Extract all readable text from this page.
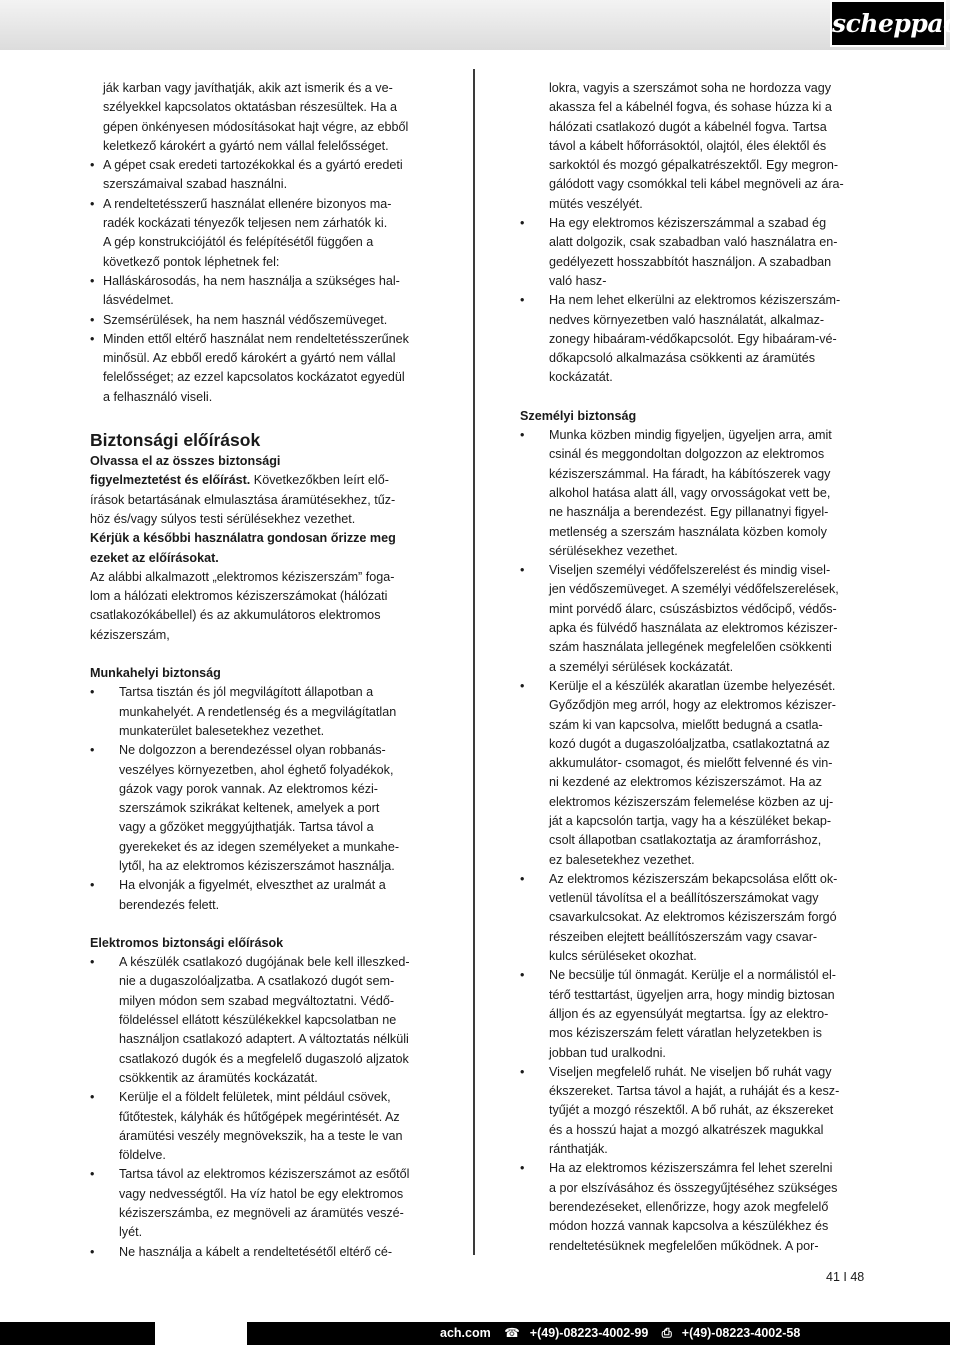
scheppach

ják karban vagy javíthatják, akik azt ismerik és a ve-
szélyekkel kapcsolatos oktatásban részesültek. Ha a
gépen önkényesen módosításokat hajt végre, az ebből
keletkező károkért a gyártó nem vállal felelősséget.

• A gépet csak eredeti tartozékokkal és a gyártó eredeti
szerszámaival szabad használni.
• A rendeltetésszerű használat ellenére bizonyos ma-
radék kockázati tényezők teljesen nem zárhatók ki.

A gép konstrukciójától és felépítésétől függően a
következő pontok léphetnek fel:

• Halláskárosodás, ha nem használja a szükséges hal-
lásvédelmet.
• Szemsérülések, ha nem használ védőszemüveget.
• Minden ettől eltérő használat nem rendeltetésszerűnek
minősül. Az ebből eredő károkért a gyártó nem vállal
felelősséget; az ezzel kapcsolatos kockázatot egyedül
a felhasználó viseli.
Biztonsági előírások

Olvassa el az összes biztonsági
figyelmeztetést és előírást. Következőkben leírt elő-
írások betartásának elmulasztása áramütésekhez, tűz-
höz és/vagy súlyos testi sérülésekhez vezethet.

Kérjük a későbbi használatra gondosan őrizze meg
ezeket az előírásokat.

Az alábbi alkalmazott „elektromos kéziszerszám” foga-
lom a hálózati elektromos kéziszerszámokat (hálózati
csatlakozókábellel) és az akkumulátoros elektromos
kéziszerszám,

Munkahelyi biztonság
• Tartsa tisztán és jól megvilágított állapotban a
munkahelyét. A rendetlenség és a megvilágítatlan
munkaterület balesetekhez vezethet.
• Ne dolgozzon a berendezéssel olyan robbanás-
veszélyes környezetben, ahol éghető folyadékok,
gázok vagy porok vannak. Az elektromos kézi-
szerszámok szikrákat keltenek, amelyek a port
vagy a gőzöket meggyújthatják. Tartsa távol a
gyerekeket és az idegen személyeket a munkahe-
lytől, ha az elektromos kéziszerszámot használja.
• Ha elvonják a figyelmét, elveszthet az uralmát a
berendezés felett.
Elektromos biztonsági előírások
• A készülék csatlakozó dugójának bele kell illeszked-
nie a dugaszolóaljzatba. A csatlakozó dugót sem-
milyen módon sem szabad megváltoztatni. Védő-
földeléssel ellátott készülékekkel kapcsolatban ne
használjon csatlakozó adaptert. A változtatás nélküli
csatlakozó dugók és a megfelelő dugaszoló aljzatok
csökkentik az áramütés kockázatát.
• Kerülje el a földelt felületek, mint például csövek,
fűtőtestek, kályhák és hűtőgépek megérintését. Az
áramütési veszély megnövekszik, ha a teste le van
földelve.
• Tartsa távol az elektromos kéziszerszámot az esőtől
vagy nedvességtől. Ha víz hatol be egy elektromos
kéziszerszámba, ez megnöveli az áramütés veszé-
lyét.
• Ne használja a kábelt a rendeltetésétől eltérő cé-

lokra, vagyis a szerszámot soha ne hordozza vagy
akassza fel a kábelnél fogva, és sohase húzza ki a
hálózati csatlakozó dugót a kábelnél fogva. Tartsa
távol a kábelt hőforrásoktól, olajtól, éles élektől és
sarkoktól és mozgó gépalkatrészektől. Egy megron-
gálódott vagy csomókkal teli kábel megnöveli az ára-
mütés veszélyét.

• Ha egy elektromos kéziszerszámmal a szabad ég
alatt dolgozik, csak szabadban való használatra en-
gedélyezett hosszabbítót használjon. A szabadban
való hasz-
• Ha nem lehet elkerülni az elektromos kéziszerszám-
nedves környezetben való használatát, alkalmaz-
zonegy hibaáram-védőkapcsolót. Egy hibaáram-vé-
dőkapcsoló alkalmazása csökkenti az áramütés
kockázatát.
Személyi biztonság
• Munka közben mindig figyeljen, ügyeljen arra, amit
csinál és meggondoltan dolgozzon az elektromos
kéziszerszámmal. Ha fáradt, ha kábítószerek vagy
alkohol hatása alatt áll, vagy orvosságokat vett be,
ne használja a berendezést. Egy pillanatnyi figyel-
metlenség a szerszám használata közben komoly
sérülésekhez vezethet.
• Viseljen személyi védőfelszerelést és mindig visel-
jen védőszemüveget. A személyi védőfelszerelések,
mint porvédő álarc, csúszásbiztos védőcipő, védős-
apka és fülvédő használata az elektromos kéziszer-
szám használata jellegének megfelelően csökkenti
a személyi sérülések kockázatát.
• Kerülje el a készülék akaratlan üzembe helyezését.
Győződjön meg arról, hogy az elektromos kéziszer-
szám ki van kapcsolva, mielőtt bedugná a csatla-
kozó dugót a dugaszolóaljzatba, csatlakoztatná az
akkumulátor- csomagot, és mielőtt felvenné és vin-
ni kezdené az elektromos kéziszerszámot. Ha az
elektromos kéziszerszám felemelése közben az uj-
ját a kapcsolón tartja, vagy ha a készüléket bekap-
csolt állapotban csatlakoztatja az áramforráshoz,
ez balesetekhez vezethet.
• Az elektromos kéziszerszám bekapcsolása előtt ok-
vetlenül távolítsa el a beállítószerszámokat vagy
csavarkulcsokat. Az elektromos kéziszerszám forgó
részeiben elejtett beállítószerszám vagy csavar-
kulcs sérüléseket okozhat.
• Ne becsülje túl önmagát. Kerülje el a normálistól el-
térő testtartást, ügyeljen arra, hogy mindig biztosan
álljon és az egyensúlyát megtartsa. Így az elektro-
mos kéziszerszám felett váratlan helyzetekben is
jobban tud uralkodni.
• Viseljen megfelelő ruhát. Ne viseljen bő ruhát vagy
ékszereket. Tartsa távol a haját, a ruháját és a kesz-
tyűjét a mozgó részektől. A bő ruhát, az ékszereket
és a hosszú hajat a mozgó alkatrészek magukkal
ránthatják.
• Ha az elektromos kéziszerszámra fel lehet szerelni
a por elszívásához és összegyűjtéséhez szükséges
berendezéseket, ellenőrizze, hogy azok megfelelő
módon hozzá vannak kapcsolva a készülékhez és
rendeltetésüknek megfelelően működnek. A por-
41 I 48
ach.com ☎ +(49)-08223-4002-99 ⎙ +(49)-08223-4002-58
